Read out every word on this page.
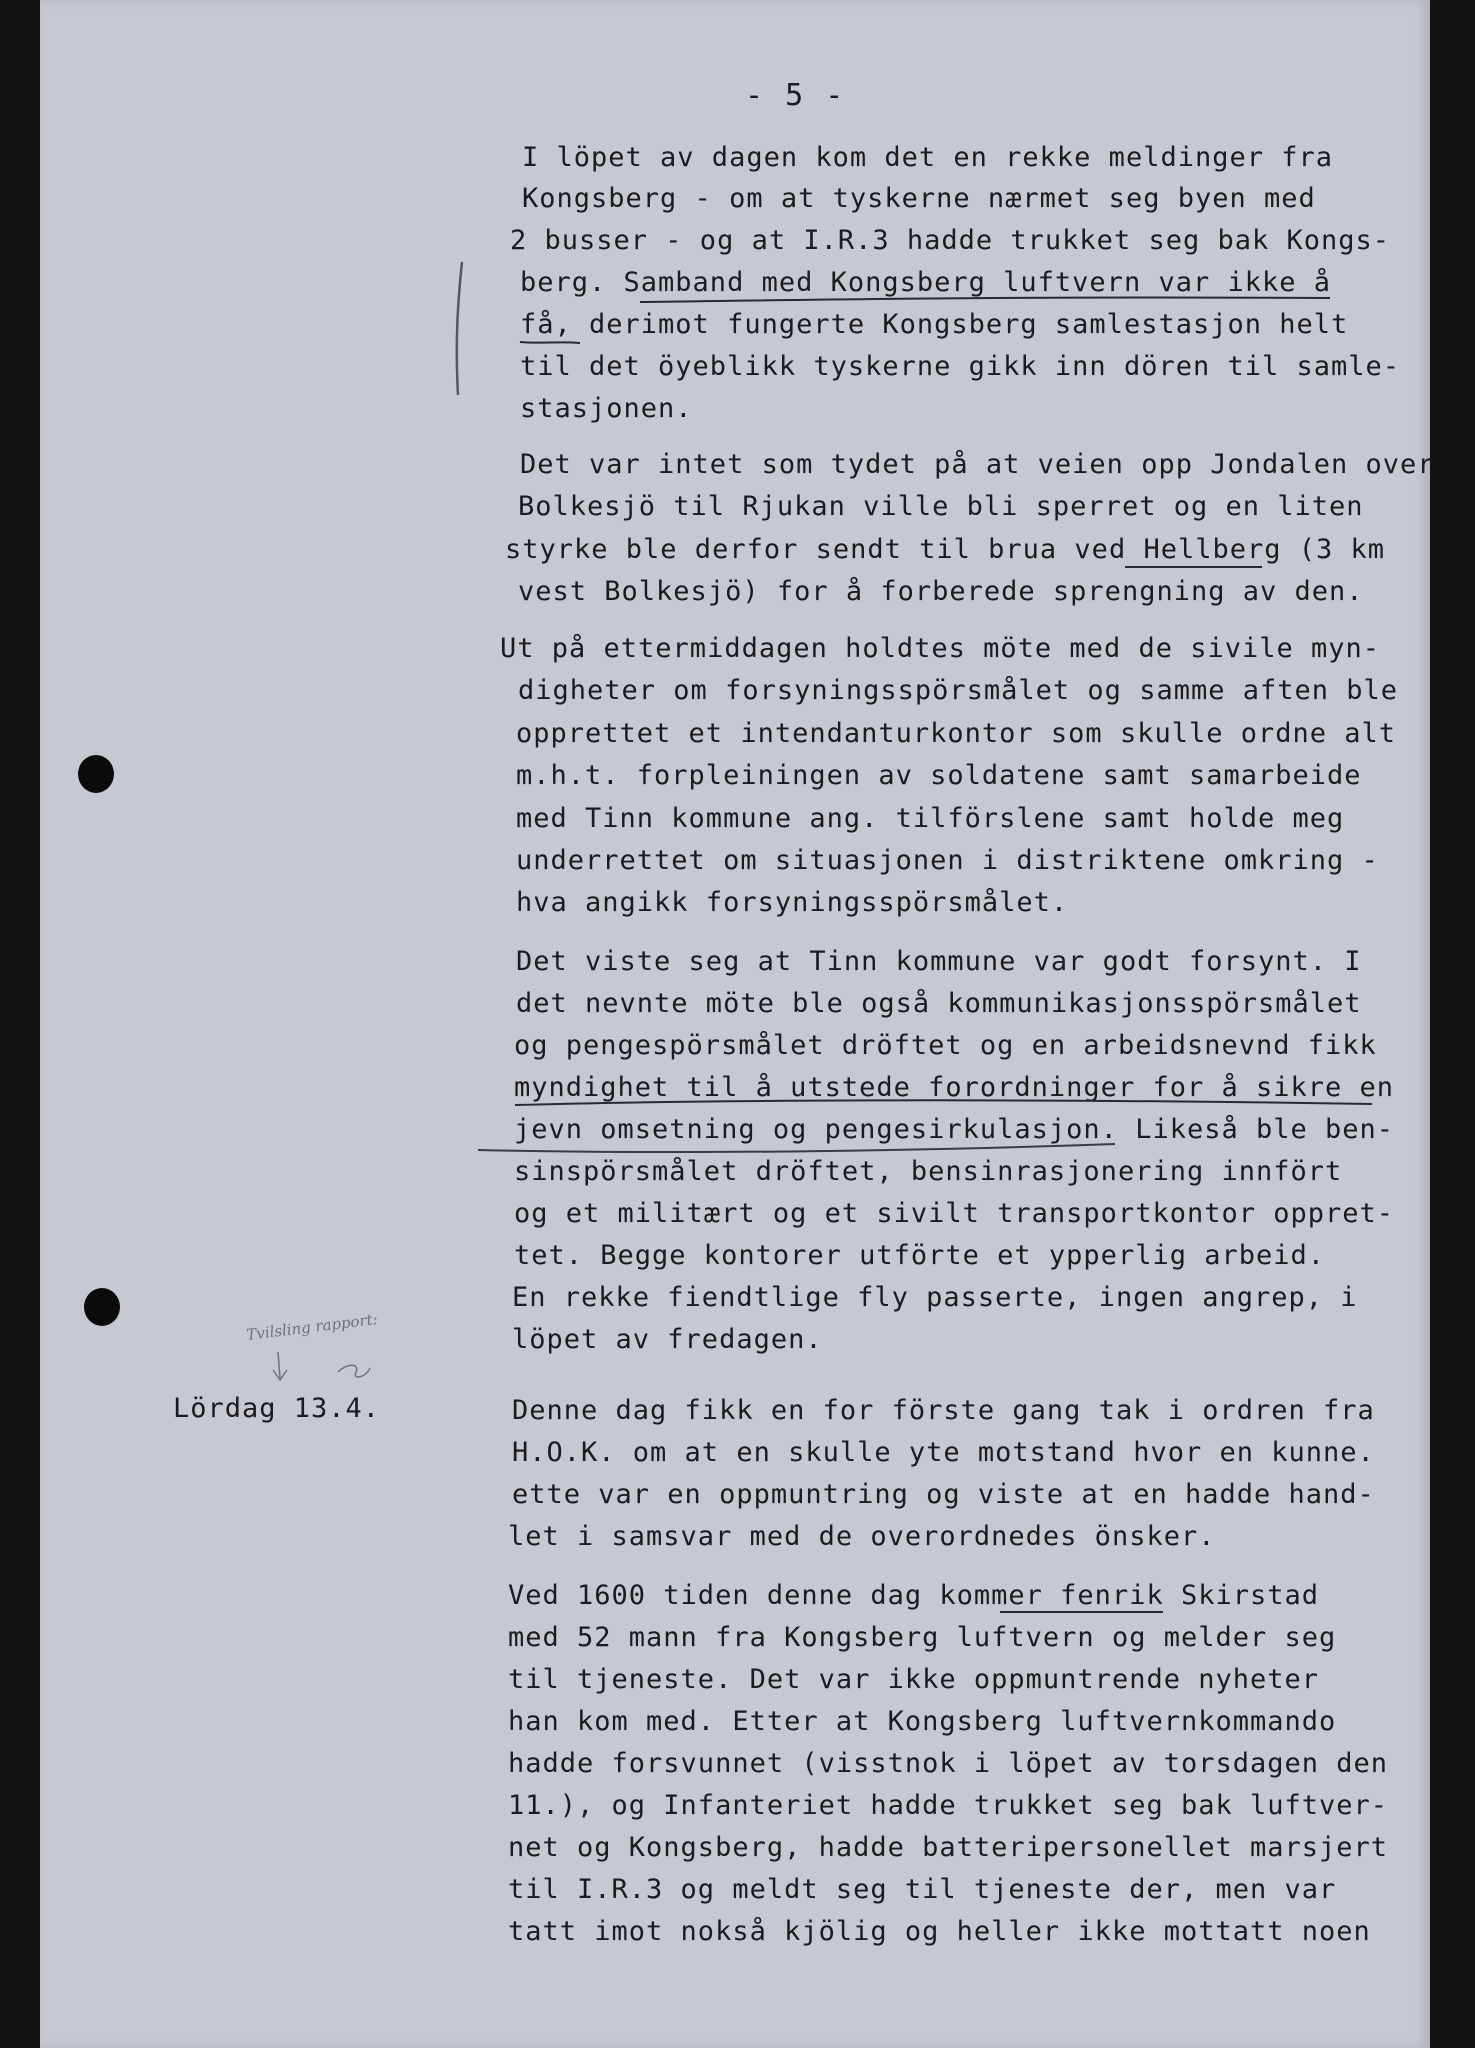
- 5 -
Tvilsling rapport:
Lördag 13.4.
I löpet av dagen kom det en rekke meldinger fra
Kongsberg - om at tyskerne nærmet seg byen med
2 busser - og at I.R.3 hadde trukket seg bak Kongs-
berg. Samband med Kongsberg luftvern var ikke å
få, derimot fungerte Kongsberg samlestasjon helt
til det öyeblikk tyskerne gikk inn dören til samle-
stasjonen.
Det var intet som tydet på at veien opp Jondalen over
Bolkesjö til Rjukan ville bli sperret og en liten
styrke ble derfor sendt til brua ved Hellberg (3 km
vest Bolkesjö) for å forberede sprengning av den.
Ut på ettermiddagen holdtes möte med de sivile myn-
digheter om forsyningsspörsmålet og samme aften ble
opprettet et intendanturkontor som skulle ordne alt
m.h.t. forpleiningen av soldatene samt samarbeide
med Tinn kommune ang. tilförslene samt holde meg
underrettet om situasjonen i distriktene omkring -
hva angikk forsyningsspörsmålet.
Det viste seg at Tinn kommune var godt forsynt. I
det nevnte möte ble også kommunikasjonsspörsmålet
og pengespörsmålet dröftet og en arbeidsnevnd fikk
myndighet til å utstede forordninger for å sikre en
jevn omsetning og pengesirkulasjon. Likeså ble ben-
sinspörsmålet dröftet, bensinrasjonering innfört
og et militært og et sivilt transportkontor oppret-
tet. Begge kontorer utförte et ypperlig arbeid.
En rekke fiendtlige fly passerte, ingen angrep, i
löpet av fredagen.
Denne dag fikk en for förste gang tak i ordren fra
H.O.K. om at en skulle yte motstand hvor en kunne.
ette var en oppmuntring og viste at en hadde hand-
let i samsvar med de overordnedes önsker.
Ved 1600 tiden denne dag kommer fenrik Skirstad
med 52 mann fra Kongsberg luftvern og melder seg
til tjeneste. Det var ikke oppmuntrende nyheter
han kom med. Etter at Kongsberg luftvernkommando
hadde forsvunnet (visstnok i löpet av torsdagen den
11.), og Infanteriet hadde trukket seg bak luftver-
net og Kongsberg, hadde batteripersonellet marsjert
til I.R.3 og meldt seg til tjeneste der, men var
tatt imot nokså kjölig og heller ikke mottatt noen
